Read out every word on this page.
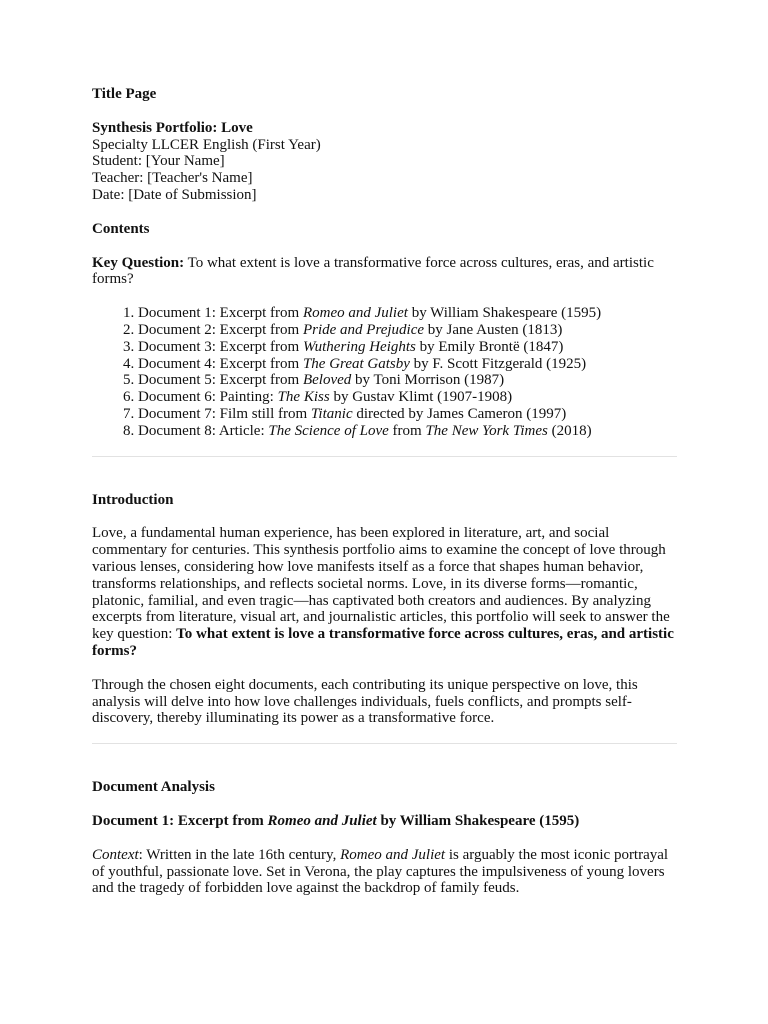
Title Page

Synthesis Portfolio: Love

Specialty LLCER English (First Year)

Student: [Your Name]

Teacher: [Teacher's Name]

Date: [Date of Submission]

Contents

Key Question: To what extent is love a transformative force across cultures, eras, and artistic forms?

1. Document 1: Excerpt from Romeo and Juliet by William Shakespeare (1595)
2. Document 2: Excerpt from Pride and Prejudice by Jane Austen (1813)
3. Document 3: Excerpt from Wuthering Heights by Emily Brontë (1847)
4. Document 4: Excerpt from The Great Gatsby by F. Scott Fitzgerald (1925)
5. Document 5: Excerpt from Beloved by Toni Morrison (1987)
6. Document 6: Painting: The Kiss by Gustav Klimt (1907-1908)
7. Document 7: Film still from Titanic directed by James Cameron (1997)
8. Document 8: Article: The Science of Love from The New York Times (2018)
Introduction

Love, a fundamental human experience, has been explored in literature, art, and social commentary for centuries. This synthesis portfolio aims to examine the concept of love through various lenses, considering how love manifests itself as a force that shapes human behavior, transforms relationships, and reflects societal norms. Love, in its diverse forms—romantic, platonic, familial, and even tragic—has captivated both creators and audiences. By analyzing excerpts from literature, visual art, and journalistic articles, this portfolio will seek to answer the key question: To what extent is love a transformative force across cultures, eras, and artistic forms?

Through the chosen eight documents, each contributing its unique perspective on love, this analysis will delve into how love challenges individuals, fuels conflicts, and prompts self-discovery, thereby illuminating its power as a transformative force.

Document Analysis
Document 1: Excerpt from Romeo and Juliet by William Shakespeare (1595)

Context: Written in the late 16th century, Romeo and Juliet is arguably the most iconic portrayal of youthful, passionate love. Set in Verona, the play captures the impulsiveness of young lovers and the tragedy of forbidden love against the backdrop of family feuds.
